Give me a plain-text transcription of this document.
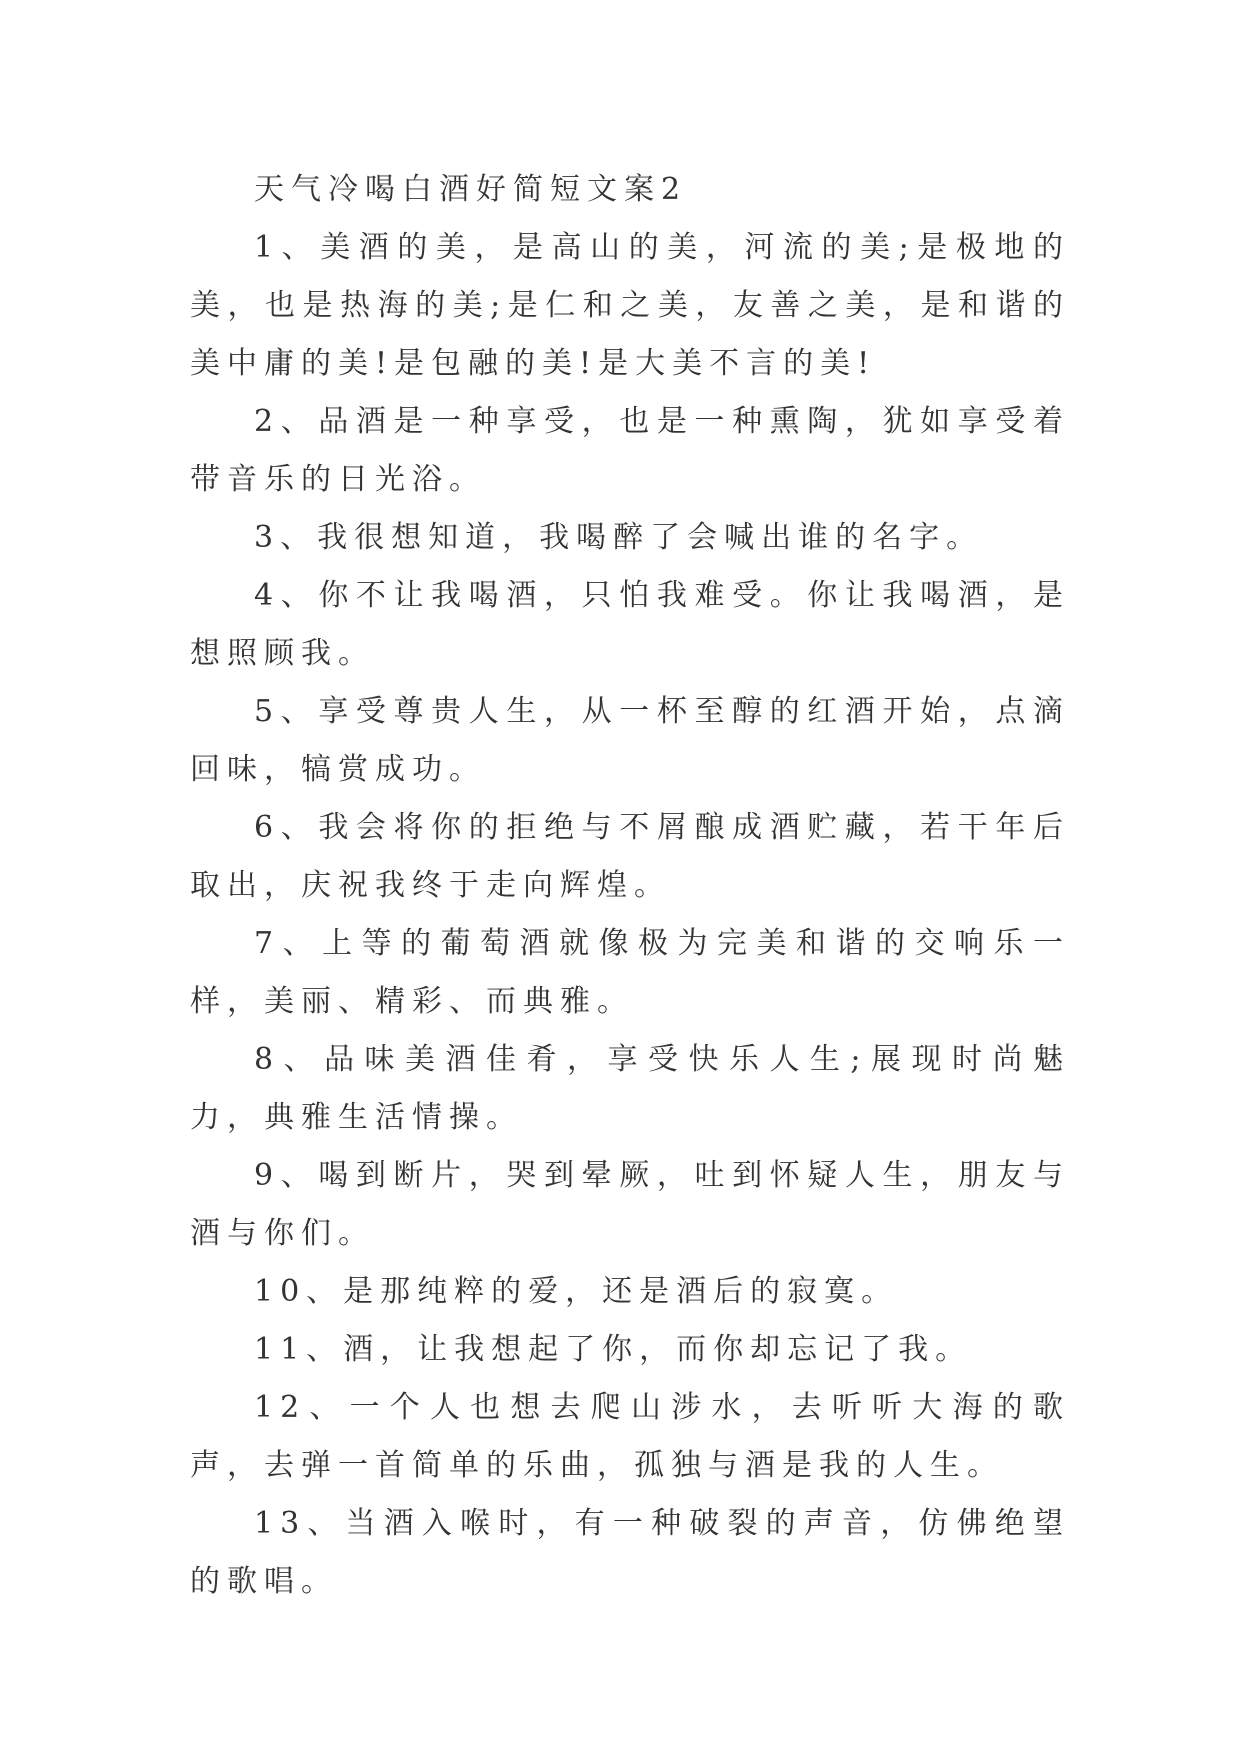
天气冷喝白酒好简短文案2

1、美酒的美，是高山的美，河流的美;是极地的美，也是热海的美;是仁和之美，友善之美，是和谐的美中庸的美!是包融的美!是大美不言的美!

2、品酒是一种享受，也是一种熏陶，犹如享受着带音乐的日光浴。

3、我很想知道，我喝醉了会喊出谁的名字。

4、你不让我喝酒，只怕我难受。你让我喝酒，是想照顾我。

5、享受尊贵人生，从一杯至醇的红酒开始，点滴回味，犒赏成功。

6、我会将你的拒绝与不屑酿成酒贮藏，若干年后取出，庆祝我终于走向辉煌。

7、上等的葡萄酒就像极为完美和谐的交响乐一样，美丽、精彩、而典雅。

8、品味美酒佳肴，享受快乐人生;展现时尚魅力，典雅生活情操。

9、喝到断片，哭到晕厥，吐到怀疑人生，朋友与酒与你们。

10、是那纯粹的爱，还是酒后的寂寞。

11、酒，让我想起了你，而你却忘记了我。

12、一个人也想去爬山涉水，去听听大海的歌声，去弹一首简单的乐曲，孤独与酒是我的人生。

13、当酒入喉时，有一种破裂的声音，仿佛绝望的歌唱。
